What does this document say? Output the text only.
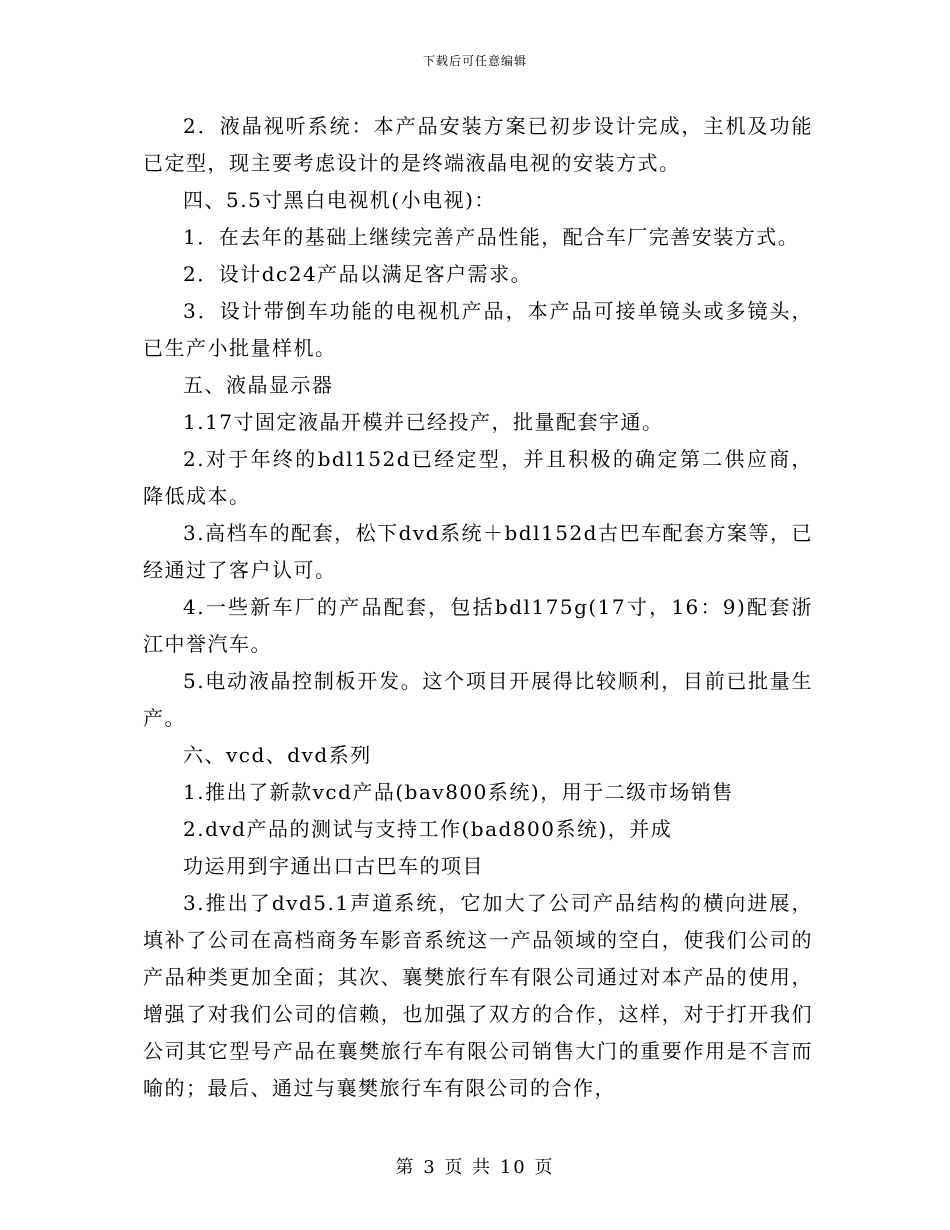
下载后可任意编辑

2．液晶视听系统：本产品安装方案已初步设计完成，主机及功能已定型，现主要考虑设计的是终端液晶电视的安装方式。

四、5.5寸黑白电视机(小电视)：

1．在去年的基础上继续完善产品性能，配合车厂完善安装方式。

2．设计dc24产品以满足客户需求。

3．设计带倒车功能的电视机产品，本产品可接单镜头或多镜头，已生产小批量样机。

五、液晶显示器

1.17寸固定液晶开模并已经投产，批量配套宇通。

2.对于年终的bdl152d已经定型，并且积极的确定第二供应商，降低成本。

3.高档车的配套，松下dvd系统＋bdl152d古巴车配套方案等，已经通过了客户认可。

4.一些新车厂的产品配套，包括bdl175g(17寸，16：9)配套浙江中誉汽车。

5.电动液晶控制板开发。这个项目开展得比较顺利，目前已批量生产。

六、vcd、dvd系列

1.推出了新款vcd产品(bav800系统)，用于二级市场销售

2.dvd产品的测试与支持工作(bad800系统)，并成

功运用到宇通出口古巴车的项目

3.推出了dvd5.1声道系统，它加大了公司产品结构的横向进展，填补了公司在高档商务车影音系统这一产品领域的空白，使我们公司的产品种类更加全面；其次、襄樊旅行车有限公司通过对本产品的使用，增强了对我们公司的信赖，也加强了双方的合作，这样，对于打开我们公司其它型号产品在襄樊旅行车有限公司销售大门的重要作用是不言而喻的；最后、通过与襄樊旅行车有限公司的合作，

第 3 页 共 10 页
